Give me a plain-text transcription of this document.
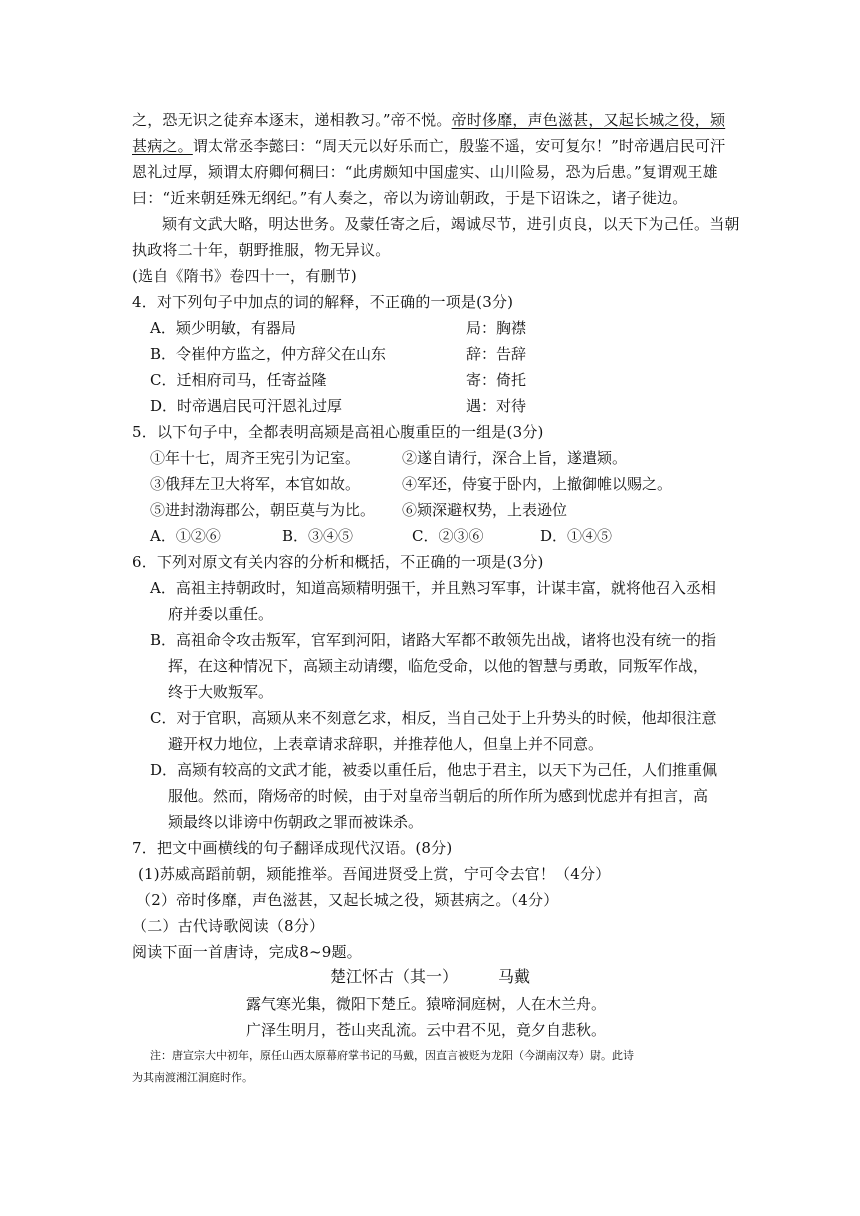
之，恐无识之徒弃本逐末，递相教习。”帝不悦。帝时侈靡，声色滋甚，又起长城之役，颎
甚病之。谓太常丞李懿曰：“周天元以好乐而亡，殷鉴不遥，安可复尔！”时帝遇启民可汗
恩礼过厚，颎谓太府卿何稠曰：“此虏颇知中国虚实、山川险易，恐为后患。”复谓观王雄
曰：“近来朝廷殊无纲纪。”有人奏之，帝以为谤讪朝政，于是下诏诛之，诸子徙边。
颎有文武大略，明达世务。及蒙任寄之后，竭诚尽节，进引贞良，以天下为己任。当朝
执政将二十年，朝野推服，物无异议。
(选自《隋书》卷四十一，有删节)
4．对下列句子中加点的词的解释，不正确的一项是(3分)
A．颎少明敏，有器局	局：胸襟
B．令崔仲方监之，仲方辞父在山东	辞：告辞
C．迁相府司马，任寄益隆	寄：倚托
D．时帝遇启民可汗恩礼过厚	遇：对待
5．以下句子中，全都表明高颎是高祖心腹重臣的一组是(3分)
①年十七，周齐王宪引为记室。	②遂自请行，深合上旨，遂遣颎。
③俄拜左卫大将军，本官如故。	④军还，侍宴于卧内，上撤御帷以赐之。
⑤进封渤海郡公，朝臣莫与为比。 ⑥颎深避权势，上表逊位
A．①②⑥	B．③④⑤	C．②③⑥	D．①④⑤
6．下列对原文有关内容的分析和概括，不正确的一项是(3分)
A．高祖主持朝政时，知道高颎精明强干，并且熟习军事，计谋丰富，就将他召入丞相
府并委以重任。
B．高祖命令攻击叛军，官军到河阳，诸路大军都不敢领先出战，诸将也没有统一的指
挥，在这种情况下，高颎主动请缨，临危受命，以他的智慧与勇敢，同叛军作战，
终于大败叛军。
C．对于官职，高颎从来不刻意乞求，相反，当自己处于上升势头的时候，他却很注意
避开权力地位，上表章请求辞职，并推荐他人，但皇上并不同意。
D．高颎有较高的文武才能，被委以重任后，他忠于君主，以天下为己任，人们推重佩
服他。然而，隋炀帝的时候，由于对皇帝当朝后的所作所为感到忧虑并有担言，高
颎最终以诽谤中伤朝政之罪而被诛杀。
7．把文中画横线的句子翻译成现代汉语。(8分)
(1)苏威高蹈前朝，颎能推举。吾闻进贤受上赏，宁可令去官！（4分）
（2）帝时侈靡，声色滋甚，又起长城之役，颎甚病之。（4分）
（二）古代诗歌阅读（8分）
阅读下面一首唐诗，完成8~9题。
楚江怀古（其一） 马戴
露气寒光集，微阳下楚丘。猿啼洞庭树，人在木兰舟。
广泽生明月，苍山夹乱流。云中君不见，竟夕自悲秋。
注：唐宣宗大中初年，原任山西太原幕府掌书记的马戴，因直言被贬为龙阳（今湖南汉寿）尉。此诗
为其南渡湘江洞庭时作。
